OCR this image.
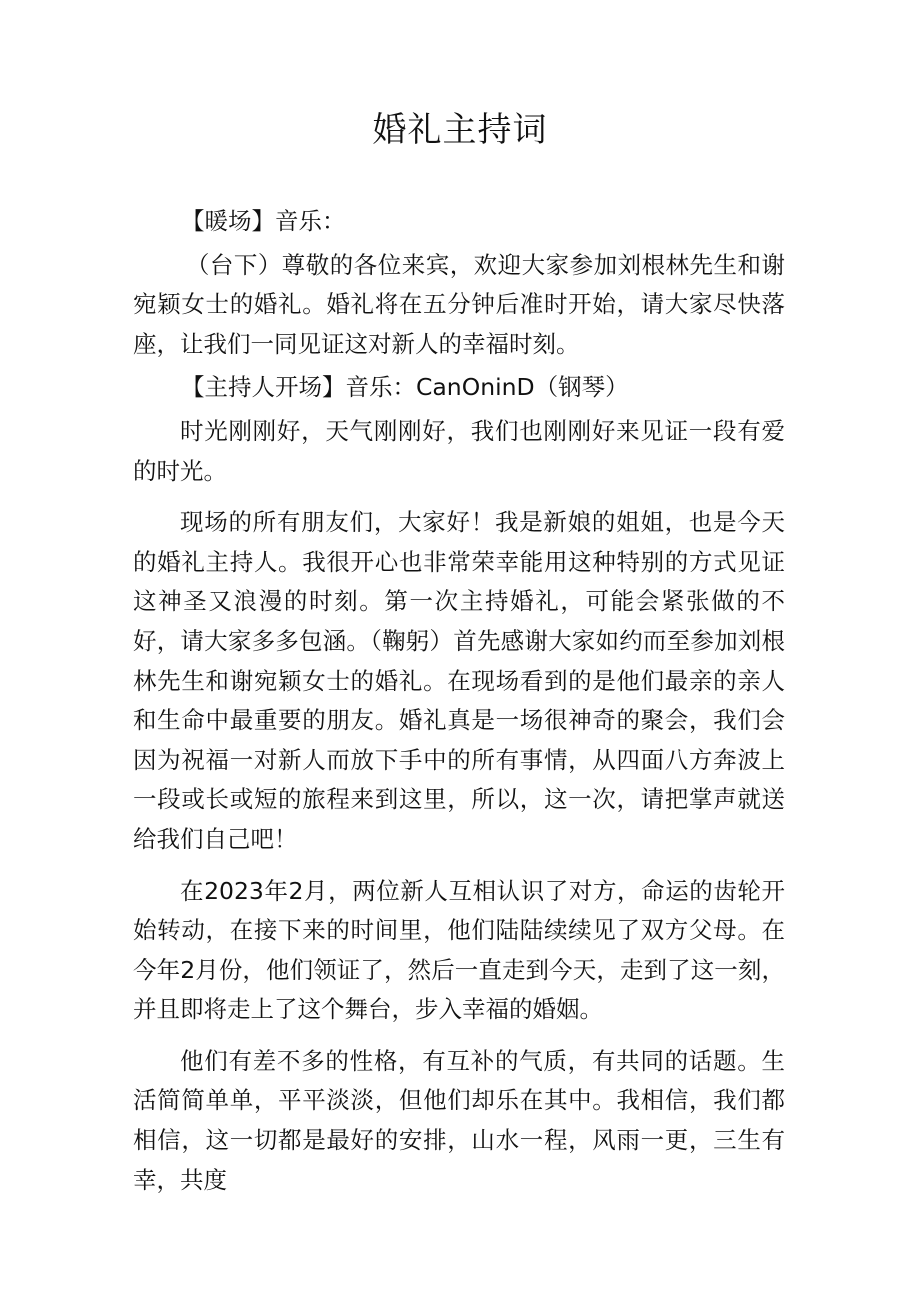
婚礼主持词

【暖场】音乐：

（台下）尊敬的各位来宾，欢迎大家参加刘根林先生和谢宛颖女士的婚礼。婚礼将在五分钟后准时开始，请大家尽快落座，让我们一同见证这对新人的幸福时刻。

【主持人开场】音乐：CanOninD（钢琴）

时光刚刚好，天气刚刚好，我们也刚刚好来见证一段有爱的时光。

现场的所有朋友们，大家好！我是新娘的姐姐，也是今天的婚礼主持人。我很开心也非常荣幸能用这种特别的方式见证这神圣又浪漫的时刻。第一次主持婚礼，可能会紧张做的不好，请大家多多包涵。（鞠躬）首先感谢大家如约而至参加刘根林先生和谢宛颖女士的婚礼。在现场看到的是他们最亲的亲人和生命中最重要的朋友。婚礼真是一场很神奇的聚会，我们会因为祝福一对新人而放下手中的所有事情，从四面八方奔波上一段或长或短的旅程来到这里，所以，这一次，请把掌声就送给我们自己吧！

在2023年2月，两位新人互相认识了对方，命运的齿轮开始转动，在接下来的时间里，他们陆陆续续见了双方父母。在今年2月份，他们领证了，然后一直走到今天，走到了这一刻，并且即将走上了这个舞台，步入幸福的婚姻。

他们有差不多的性格，有互补的气质，有共同的话题。生活简简单单，平平淡淡，但他们却乐在其中。我相信，我们都相信，这一切都是最好的安排，山水一程，风雨一更，三生有幸，共度
